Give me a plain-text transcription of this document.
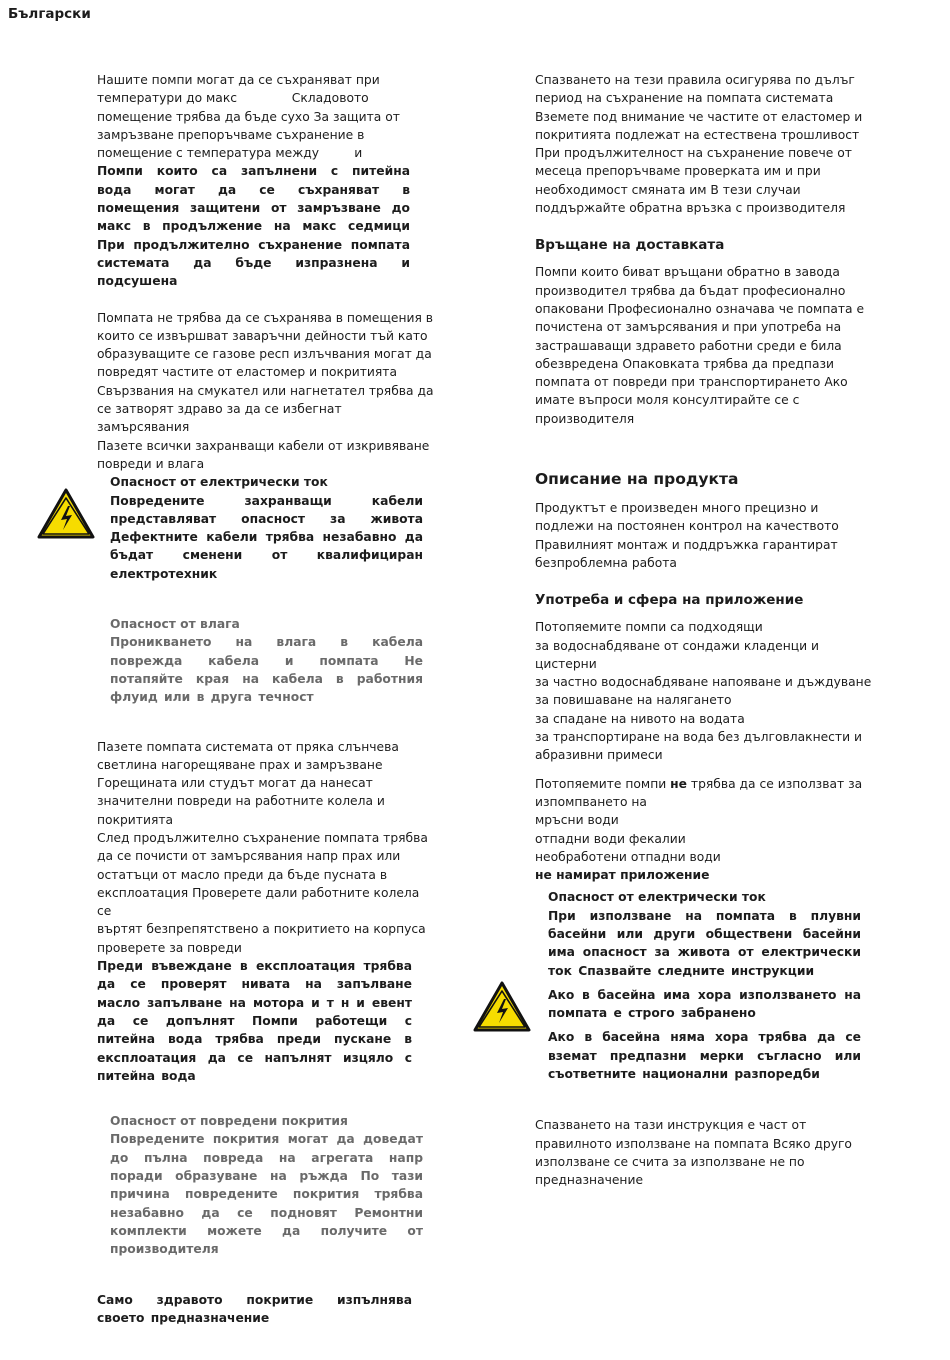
Български

Нашите помпи могат да се съхраняват при

температури до макс              Складовото

помещение трябва да бъде сухо За защита от

замръзване препоръчваме съхранение в

помещение с температура между         и

Помпи които са запълнени с питейна вода могат да се съхраняват в помещения защитени от замръзване до макс в продължение на макс седмици При продължително съхранение помпата системата да бъде изпразнена и подсушена

Помпата не трябва да се съхранява в помещения в

които се извършват заваръчни дейности тъй като

образуващите се газове респ излъчвания могат да

повредят частите от еластомер и покритията

Свързвания на смукател или нагнетател трябва да

се затворят здраво за да се избегнат

замърсявания

Пазете всички захранващи кабели от изкривяване

повреди и влага

Опасност от електрически ток

Повредените захранващи кабели представляват опасност за живота Дефектните кабели трябва незабавно да бъдат сменени от квалифициран електротехник

Опасност от влага

Проникването на влага в кабела поврежда кабела и помпата Не потапяйте края на кабела в работния флуид или в друга течност

Пазете помпата системата от пряка слънчева

светлина нагорещяване прах и замръзване

Горещината или студът могат да нанесат

значителни повреди на работните колела и

покритията

След продължително съхранение помпата трябва

да се почисти от замърсявания напр прах или

остатъци от масло преди да бъде пусната в

експлоатация Проверете дали работните колела се

въртят безпрепятствено а покритието на корпуса

проверете за повреди

Преди въвеждане в експлоатация трябва да се проверят нивата на запълване масло запълване на мотора и т н и евент да се допълнят Помпи работещи с питейна вода трябва преди пускане в експлоатация да се напълнят изцяло с питейна вода

Опасност от повредени покрития

Повредените покрития могат да доведат до пълна повреда на агрегата напр поради образуване на ръжда По тази причина повредените покрития трябва незабавно да се подновят Ремонтни комплекти можете да получите от производителя

Само здравото покритие изпълнява своето предназначение

Спазването на тези правила осигурява по дълъг

период на съхранение на помпата системата

Вземете под внимание че частите от еластомер и

покритията подлежат на естествена трошливост

При продължителност на съхранение повече от

месеца препоръчваме проверката им и при

необходимост смяната им В тези случаи

поддържайте обратна връзка с производителя

Връщане на доставката

Помпи които биват връщани обратно в завода

производител трябва да бъдат професионално

опаковани Професионално означава че помпата е

почистена от замърсявания и при употреба на

застрашаващи здравето работни среди е била

обезвредена Опаковката трябва да предпази

помпата от повреди при транспортирането Ако

имате въпроси моля консултирайте се с

производителя

Описание на продукта

Продуктът е произведен много прецизно и

подлежи на постоянен контрол на качеството

Правилният монтаж и поддръжка гарантират

безпроблемна работа

Употреба и сфера на приложение

Потопяемите помпи са подходящи

за водоснабдяване от сондажи кладенци и

цистерни

за частно водоснабдяване напояване и дъждуване

за повишаване на налягането

за спадане на нивото на водата

за транспортиране на вода без дълговлакнести и

абразивни примеси

Потопяемите помпи не трябва да се използват за

изпомпването на

мръсни води

отпадни води фекалии

необработени отпадни води

не намират приложение

Опасност от електрически ток

При използване на помпата в плувни басейни или други обществени басейни има опасност за живота от електрически ток Спазвайте следните инструкции

Ако в басейна има хора използването на помпата е строго забранено

Ако в басейна няма хора трябва да се вземат предпазни мерки съгласно или съответните национални разпоредби

Спазването на тази инструкция е част от

правилното използване на помпата Всяко друго

използване се счита за използване не по

предназначение
